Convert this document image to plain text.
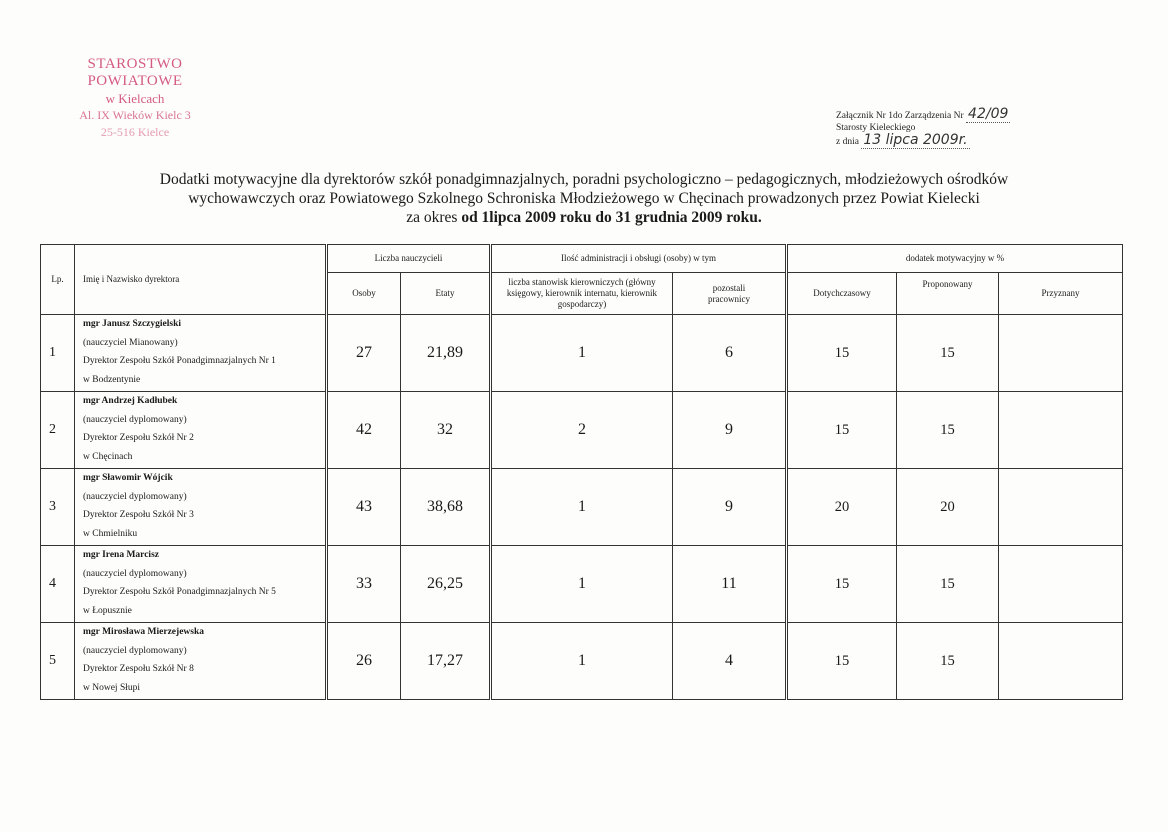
STAROSTWO POWIATOWE
w Kielcach
Al. IX Wieków Kielc 3
25-516 Kielce
Załącznik Nr 1do Zarządzenia Nr 42/09
Starosty Kieleckiego
z dnia 13 lipca 2009r.
Dodatki motywacyjne dla dyrektorów szkół ponadgimnazjalnych, poradni psychologiczno – pedagogicznych, młodzieżowych ośrodków
wychowawczych oraz Powiatowego Szkolnego Schroniska Młodzieżowego w Chęcinach prowadzonych przez Powiat Kielecki
za okres od 1lipca 2009 roku do 31 grudnia 2009 roku.
Lp.	Imię i Nazwisko dyrektora	Liczba nauczycieli		Ilość administracji i obsługi (osoby) w tym		dodatek motywacyjny w %		
		Osoby	Etaty	liczba stanowisk kierowniczych (główny księgowy, kierownik internatu, kierownik gospodarczy)	pozostali pracownicy	Dotychczasowy	Proponowany	Przyznany
1	mgr Janusz Szczygielski
(nauczyciel Mianowany)
Dyrektor Zespołu Szkół Ponadgimnazjalnych Nr 1
w Bodzentynie	27	21,89	1	6	15	15	
2	mgr Andrzej Kadłubek
(nauczyciel dyplomowany)
Dyrektor Zespołu Szkół Nr 2
w Chęcinach	42	32	2	9	15	15	
3	mgr Sławomir Wójcik
(nauczyciel dyplomowany)
Dyrektor Zespołu Szkół Nr 3
w Chmielniku	43	38,68	1	9	20	20	
4	mgr Irena Marcisz
(nauczyciel dyplomowany)
Dyrektor Zespołu Szkół Ponadgimnazjalnych Nr 5
w Łopusznie	33	26,25	1	11	15	15	
5	mgr Mirosława Mierzejewska
(nauczyciel dyplomowany)
Dyrektor Zespołu Szkół Nr 8
w Nowej Słupi	26	17,27	1	4	15	15	
